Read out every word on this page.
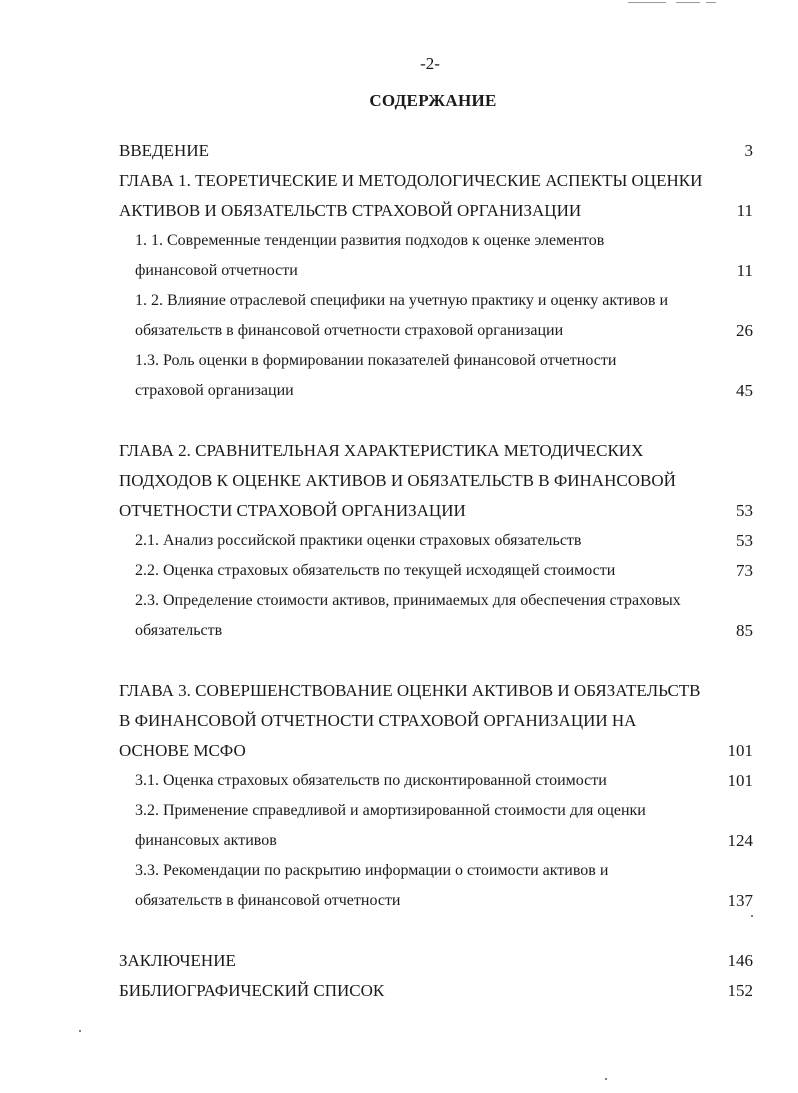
-2-
СОДЕРЖАНИЕ
ВВЕДЕНИЕ	3
ГЛАВА 1. ТЕОРЕТИЧЕСКИЕ И МЕТОДОЛОГИЧЕСКИЕ АСПЕКТЫ ОЦЕНКИ
АКТИВОВ И ОБЯЗАТЕЛЬСТВ СТРАХОВОЙ ОРГАНИЗАЦИИ	11
1. 1. Современные тенденции развития подходов к оценке элементов
финансовой отчетности	11
1. 2. Влияние отраслевой специфики на учетную практику и оценку активов и
обязательств в финансовой отчетности страховой организации	26
1.3. Роль оценки в формировании показателей финансовой отчетности
страховой организации	45
ГЛАВА 2. СРАВНИТЕЛЬНАЯ ХАРАКТЕРИСТИКА МЕТОДИЧЕСКИХ
ПОДХОДОВ К ОЦЕНКЕ АКТИВОВ И ОБЯЗАТЕЛЬСТВ В ФИНАНСОВОЙ
ОТЧЕТНОСТИ СТРАХОВОЙ ОРГАНИЗАЦИИ	53
2.1. Анализ российской практики оценки страховых обязательств	53
2.2. Оценка страховых обязательств по текущей исходящей стоимости	73
2.3. Определение стоимости активов, принимаемых для обеспечения страховых
обязательств	85
ГЛАВА 3. СОВЕРШЕНСТВОВАНИЕ ОЦЕНКИ АКТИВОВ И ОБЯЗАТЕЛЬСТВ
В ФИНАНСОВОЙ ОТЧЕТНОСТИ СТРАХОВОЙ ОРГАНИЗАЦИИ НА
ОСНОВЕ МСФО	101
3.1. Оценка страховых обязательств по дисконтированной стоимости	101
3.2. Применение справедливой и амортизированной стоимости для оценки
финансовых активов	124
3.3. Рекомендации по раскрытию информации о стоимости активов и
обязательств в финансовой отчетности	137
ЗАКЛЮЧЕНИЕ	146
БИБЛИОГРАФИЧЕСКИЙ СПИСОК	152
